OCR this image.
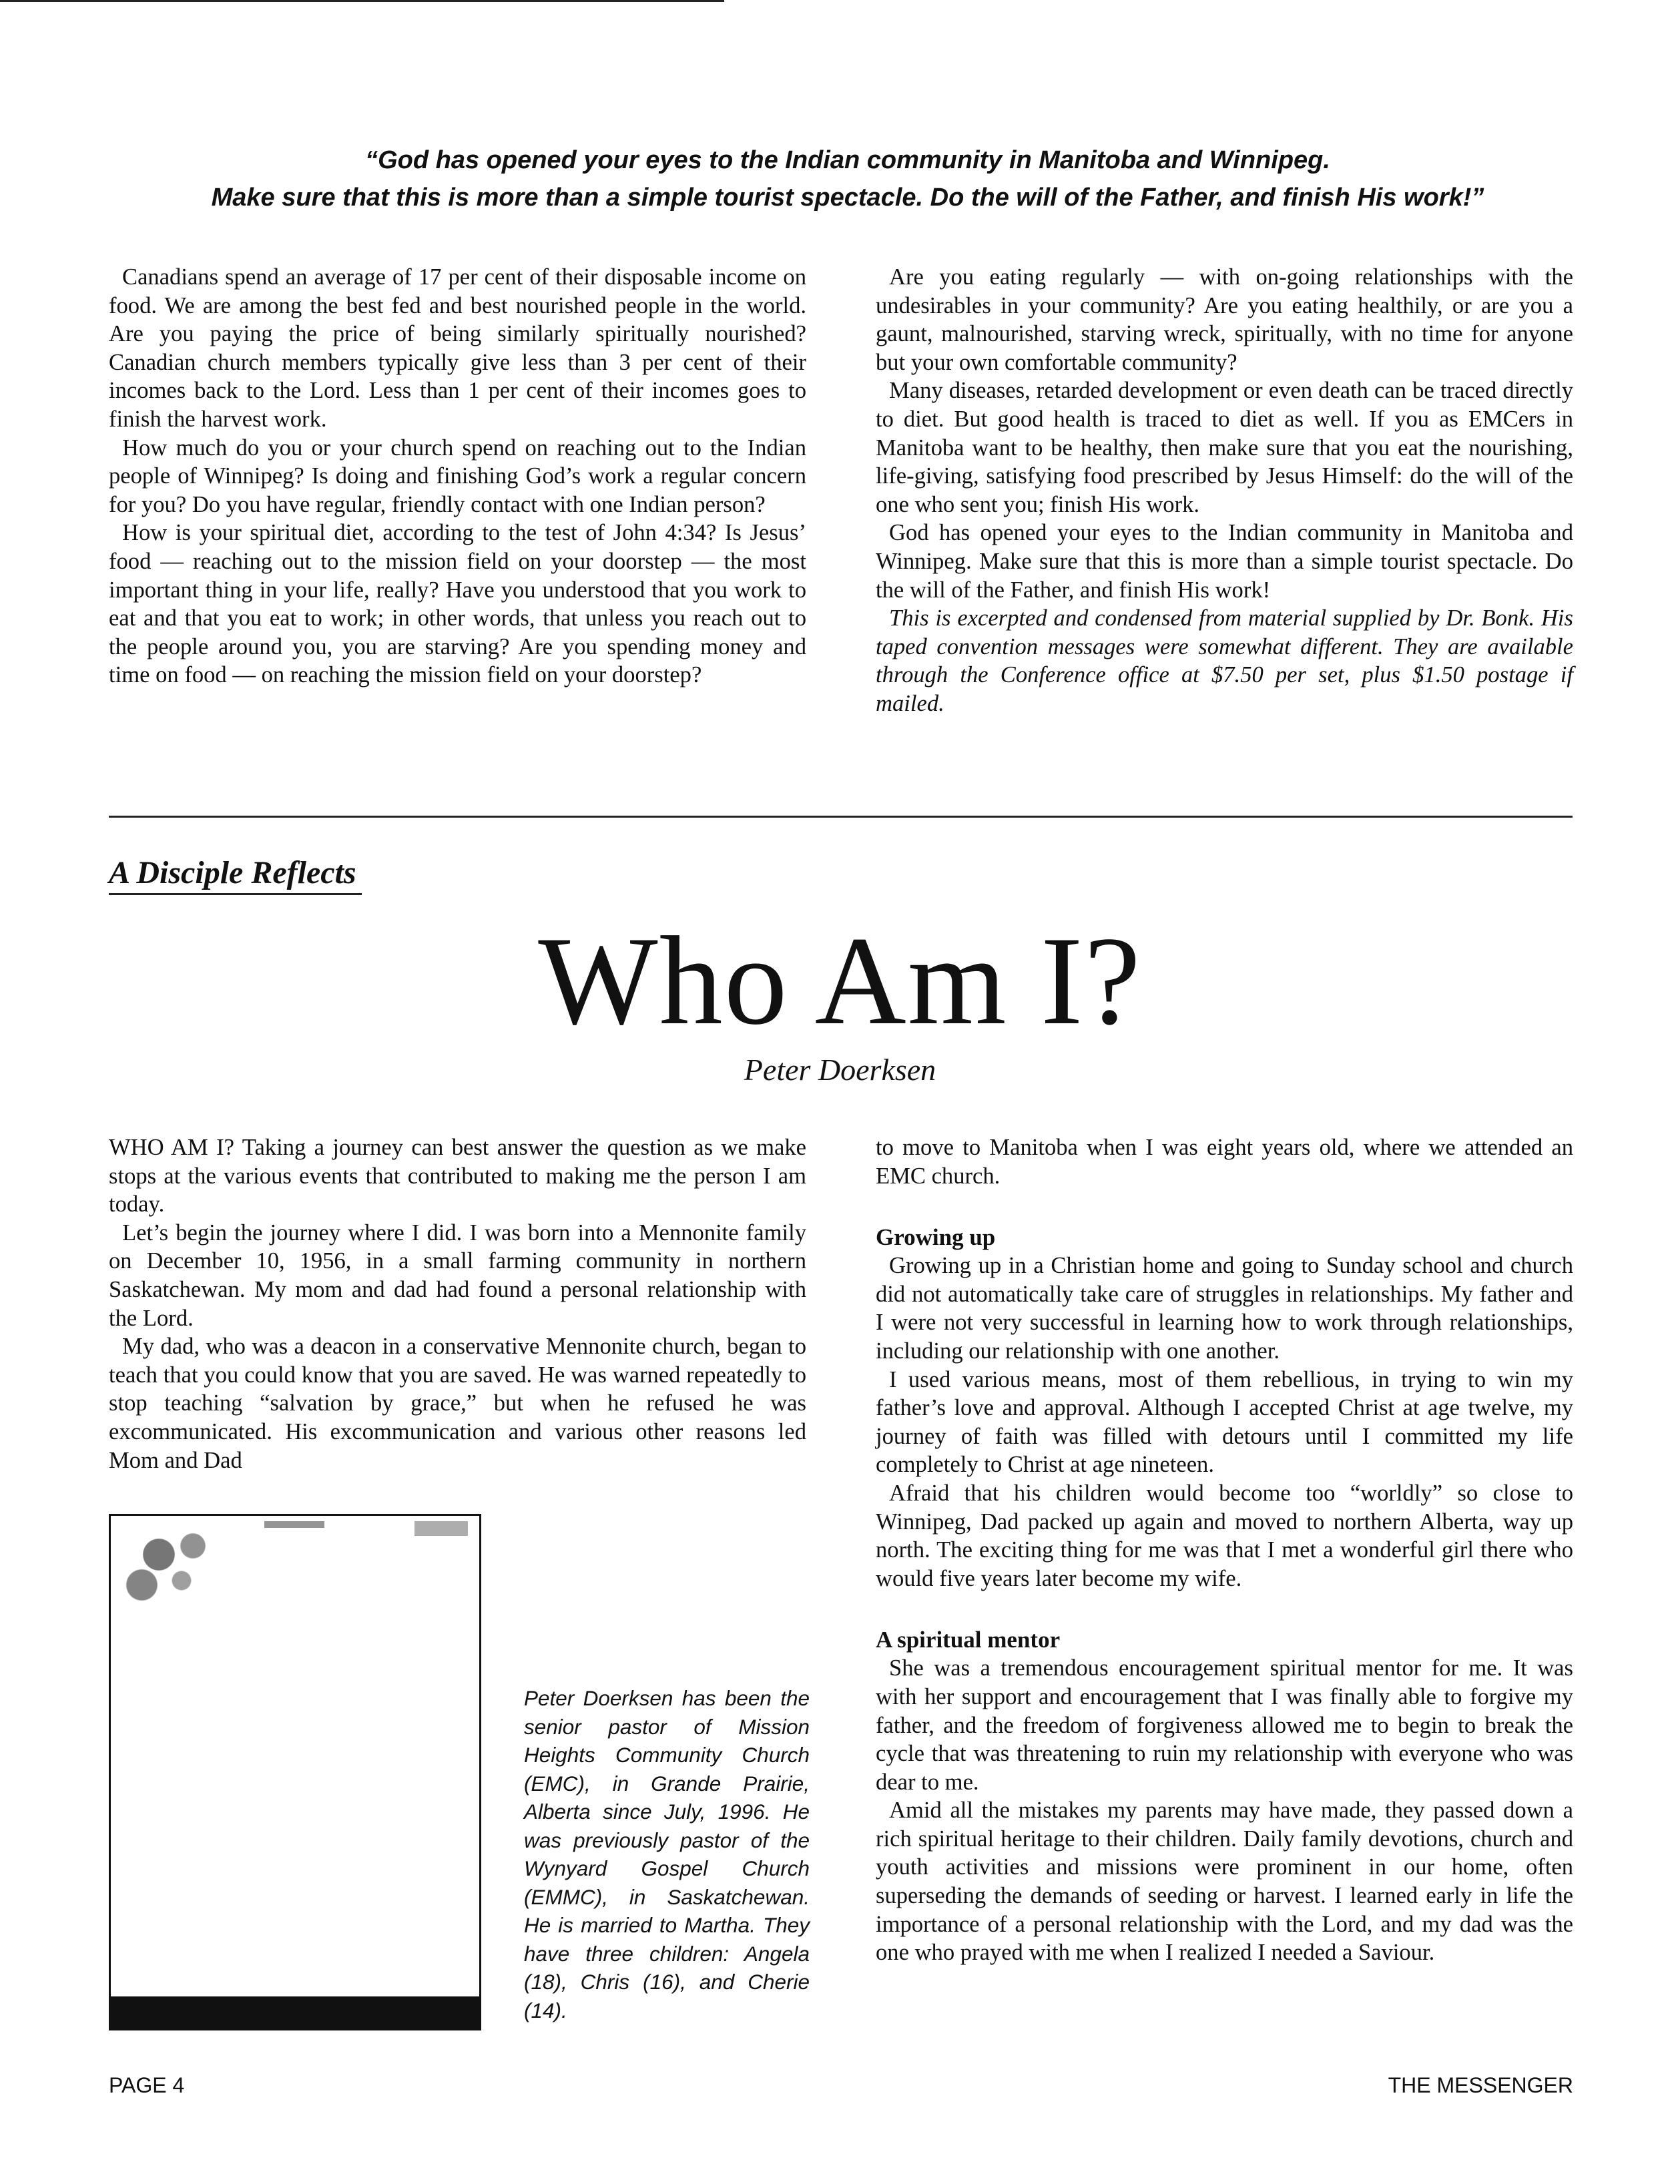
“God has opened your eyes to the Indian community in Manitoba and Winnipeg.
Make sure that this is more than a simple tourist spectacle. Do the will of the Father, and finish His work!”

Canadians spend an average of 17 per cent of their disposable income on food. We are among the best fed and best nourished people in the world. Are you paying the price of being similarly spiritually nourished? Canadian church members typically give less than 3 per cent of their incomes back to the Lord. Less than 1 per cent of their incomes goes to finish the harvest work.

How much do you or your church spend on reaching out to the Indian people of Winnipeg? Is doing and finishing God’s work a regular concern for you? Do you have regular, friendly contact with one Indian person?

How is your spiritual diet, according to the test of John 4:34? Is Jesus’ food — reaching out to the mission field on your doorstep — the most important thing in your life, really? Have you understood that you work to eat and that you eat to work; in other words, that unless you reach out to the people around you, you are starving? Are you spending money and time on food — on reaching the mission field on your doorstep?

Are you eating regularly — with on-going relationships with the undesirables in your community? Are you eating healthily, or are you a gaunt, malnourished, starving wreck, spiritually, with no time for anyone but your own comfortable community?

Many diseases, retarded development or even death can be traced directly to diet. But good health is traced to diet as well. If you as EMCers in Manitoba want to be healthy, then make sure that you eat the nourishing, life-giving, satisfying food prescribed by Jesus Himself: do the will of the one who sent you; finish His work.

God has opened your eyes to the Indian community in Manitoba and Winnipeg. Make sure that this is more than a simple tourist spectacle. Do the will of the Father, and finish His work!

This is excerpted and condensed from material supplied by Dr. Bonk. His taped convention messages were somewhat different. They are available through the Conference office at $7.50 per set, plus $1.50 postage if mailed.

A Disciple Reflects
Who Am I?
Peter Doerksen

WHO AM I? Taking a journey can best answer the question as we make stops at the various events that contributed to making me the person I am today.

Let’s begin the journey where I did. I was born into a Mennonite family on December 10, 1956, in a small farming community in northern Saskatchewan. My mom and dad had found a personal relationship with the Lord.

My dad, who was a deacon in a conservative Mennonite church, began to teach that you could know that you are saved. He was warned repeatedly to stop teaching “salvation by grace,” but when he refused he was excommunicated. His excommunication and various other reasons led Mom and Dad

to move to Manitoba when I was eight years old, where we attended an EMC church.

Growing up

Growing up in a Christian home and going to Sunday school and church did not automatically take care of struggles in relationships. My father and I were not very successful in learning how to work through relationships, including our relationship with one another.

I used various means, most of them rebellious, in trying to win my father’s love and approval. Although I accepted Christ at age twelve, my journey of faith was filled with detours until I committed my life completely to Christ at age nineteen.

Afraid that his children would become too “worldly” so close to Winnipeg, Dad packed up again and moved to northern Alberta, way up north. The exciting thing for me was that I met a wonderful girl there who would five years later become my wife.

A spiritual mentor

She was a tremendous encouragement spiritual mentor for me. It was with her support and encouragement that I was finally able to forgive my father, and the freedom of forgiveness allowed me to begin to break the cycle that was threatening to ruin my relationship with everyone who was dear to me.

Amid all the mistakes my parents may have made, they passed down a rich spiritual heritage to their children. Daily family devotions, church and youth activities and missions were prominent in our home, often superseding the demands of seeding or harvest. I learned early in life the importance of a personal relationship with the Lord, and my dad was the one who prayed with me when I realized I needed a Saviour.

Peter Doerksen has been the senior pastor of Mission Heights Community Church (EMC), in Grande Prairie, Alberta since July, 1996. He was previously pastor of the Wynyard Gospel Church (EMMC), in Saskatchewan. He is married to Martha. They have three children: Angela (18), Chris (16), and Cherie (14).
PAGE 4	THE MESSENGER
